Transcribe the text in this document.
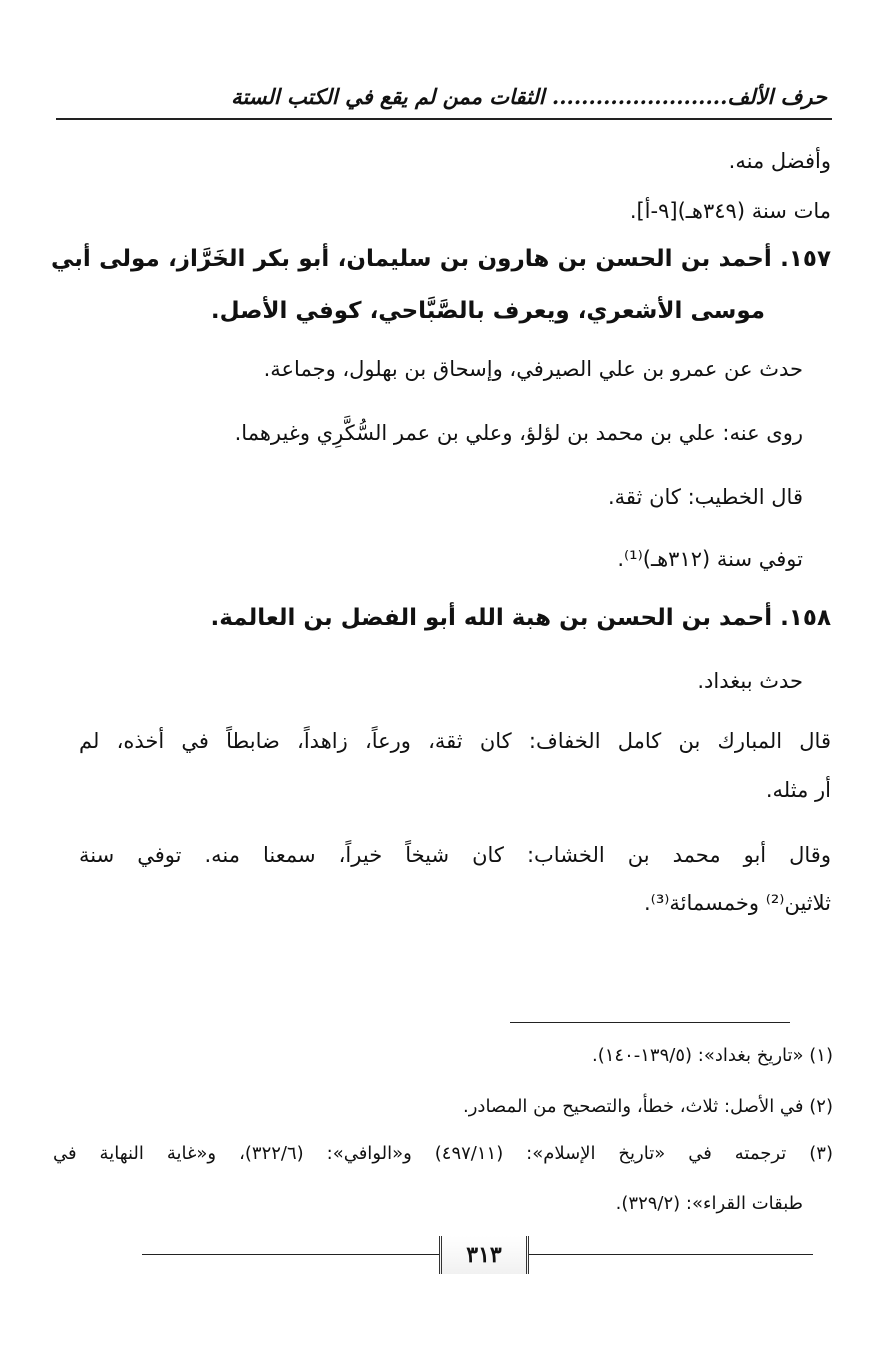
حرف الألف........................ الثقات ممن لم يقع في الكتب الستة
وأفضل منه.
مات سنة (٣٤٩هـ)[٩-أ].
١٥٧. أحمد بن الحسن بن هارون بن سليمان، أبو بكر الخَرَّاز، مولى أبي
موسى الأشعري، ويعرف بالصَّبَّاحي، كوفي الأصل.
حدث عن عمرو بن علي الصيرفي، وإسحاق بن بهلول، وجماعة.
روى عنه: علي بن محمد بن لؤلؤ، وعلي بن عمر السُّكَّرِي وغيرهما.
قال الخطيب: كان ثقة.
توفي سنة (٣١٢هـ)⁽¹⁾.
١٥٨. أحمد بن الحسن بن هبة الله أبو الفضل بن العالمة.
حدث ببغداد.
قال المبارك بن كامل الخفاف: كان ثقة، ورعاً، زاهداً، ضابطاً في أخذه، لم
أر مثله.
وقال أبو محمد بن الخشاب: كان شيخاً خيراً، سمعنا منه. توفي سنة
ثلاثين⁽²⁾ وخمسمائة⁽³⁾.
(١) «تاريخ بغداد»: (١٣٩/٥-١٤٠).
(٢) في الأصل: ثلاث، خطأ، والتصحيح من المصادر.
(٣) ترجمته في «تاريخ الإسلام»: (٤٩٧/١١) و«الوافي»: (٣٢٢/٦)، و«غاية النهاية في
طبقات القراء»: (٣٢٩/٢).
٣١٣
